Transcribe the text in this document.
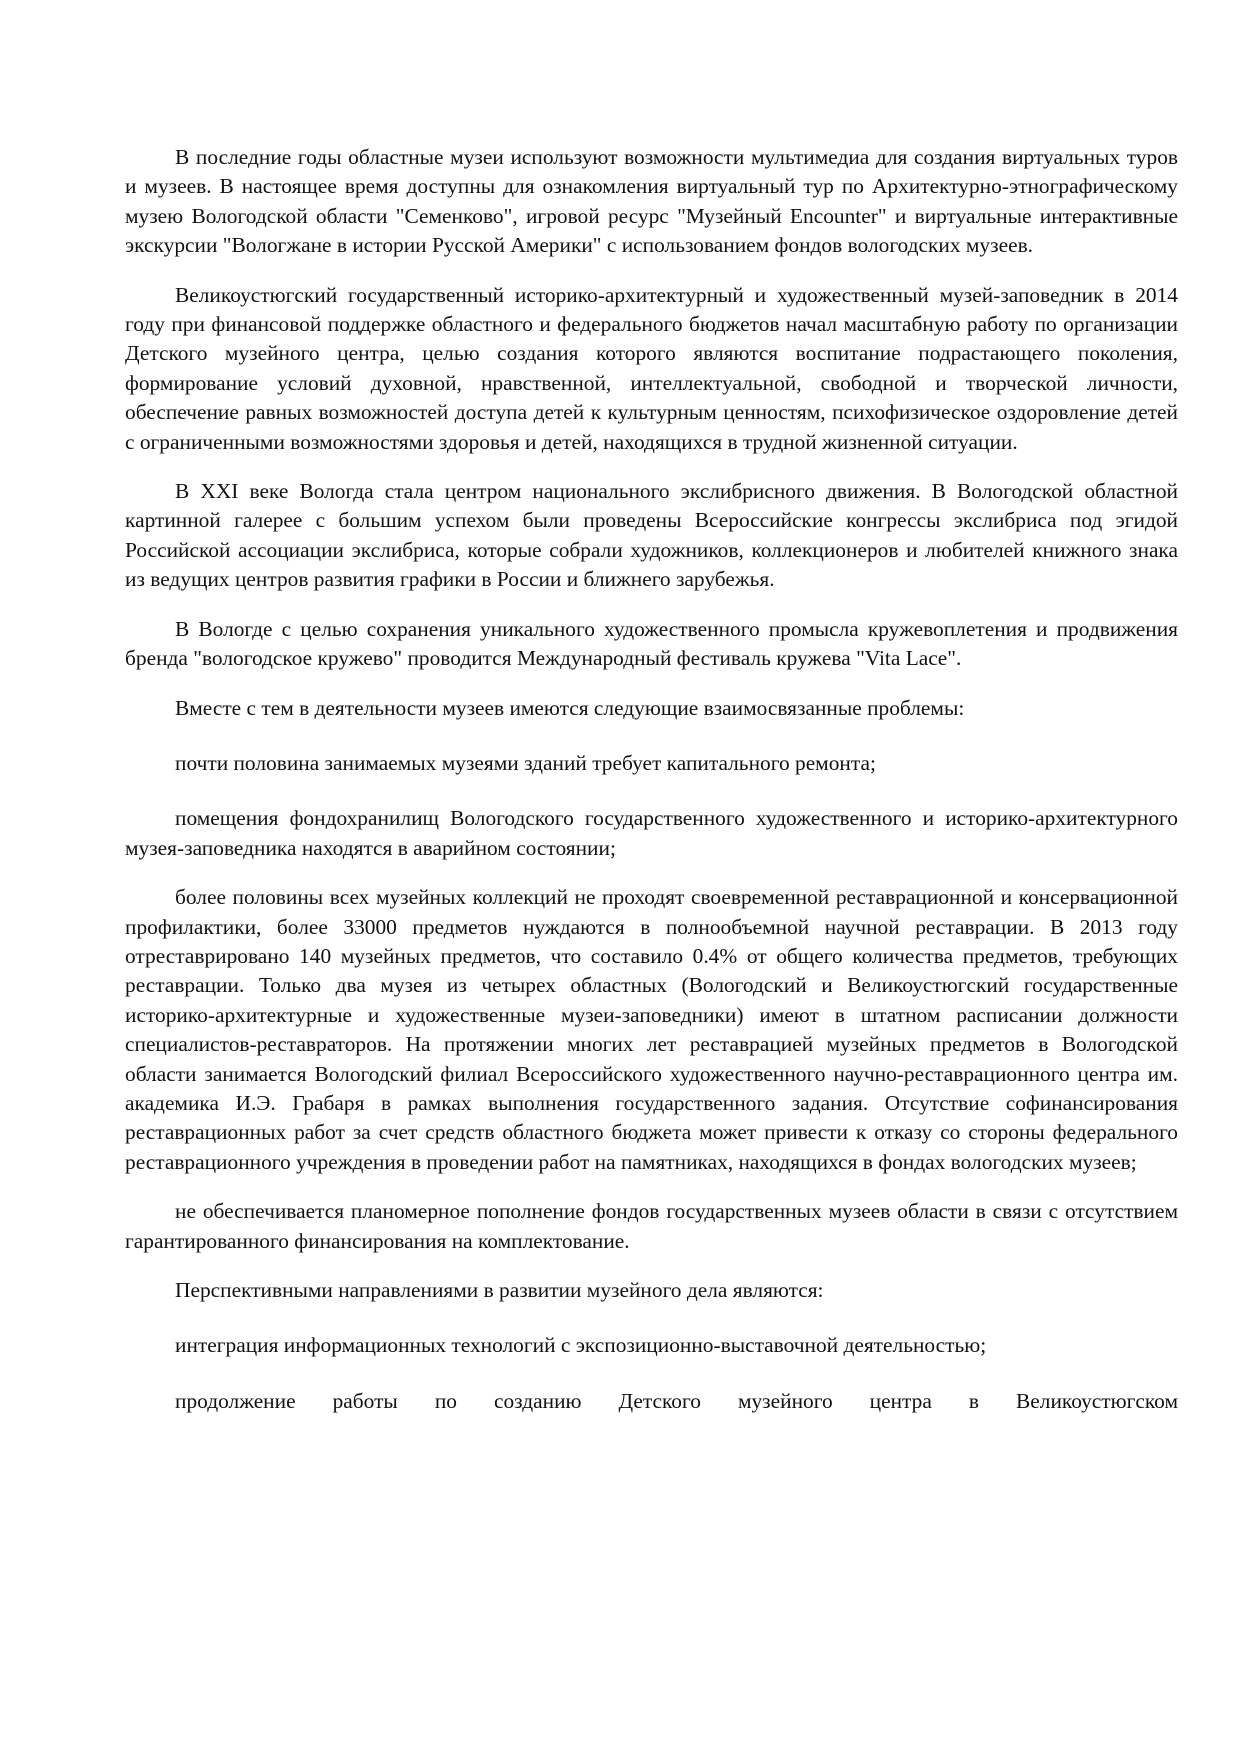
В последние годы областные музеи используют возможности мультимедиа для создания виртуальных туров и музеев. В настоящее время доступны для ознакомления виртуальный тур по Архитектурно-этнографическому музею Вологодской области "Семенково", игровой ресурс "Музейный Encounter" и виртуальные интерактивные экскурсии "Вологжане в истории Русской Америки" с использованием фондов вологодских музеев.

Великоустюгский государственный историко-архитектурный и художественный музей-заповедник в 2014 году при финансовой поддержке областного и федерального бюджетов начал масштабную работу по организации Детского музейного центра, целью создания которого являются воспитание подрастающего поколения, формирование условий духовной, нравственной, интеллектуальной, свободной и творческой личности, обеспечение равных возможностей доступа детей к культурным ценностям, психофизическое оздоровление детей с ограниченными возможностями здоровья и детей, находящихся в трудной жизненной ситуации.

В XXI веке Вологда стала центром национального экслибрисного движения. В Вологодской областной картинной галерее с большим успехом были проведены Всероссийские конгрессы экслибриса под эгидой Российской ассоциации экслибриса, которые собрали художников, коллекционеров и любителей книжного знака из ведущих центров развития графики в России и ближнего зарубежья.

В Вологде с целью сохранения уникального художественного промысла кружевоплетения и продвижения бренда "вологодское кружево" проводится Международный фестиваль кружева "Vita Lace".

Вместе с тем в деятельности музеев имеются следующие взаимосвязанные проблемы:

почти половина занимаемых музеями зданий требует капитального ремонта;

помещения фондохранилищ Вологодского государственного художественного и историко-архитектурного музея-заповедника находятся в аварийном состоянии;

более половины всех музейных коллекций не проходят своевременной реставрационной и консервационной профилактики, более 33000 предметов нуждаются в полнообъемной научной реставрации. В 2013 году отреставрировано 140 музейных предметов, что составило 0.4% от общего количества предметов, требующих реставрации. Только два музея из четырех областных (Вологодский и Великоустюгский государственные историко-архитектурные и художественные музеи-заповедники) имеют в штатном расписании должности специалистов-реставраторов. На протяжении многих лет реставрацией музейных предметов в Вологодской области занимается Вологодский филиал Всероссийского художественного научно-реставрационного центра им. академика И.Э. Грабаря в рамках выполнения государственного задания. Отсутствие софинансирования реставрационных работ за счет средств областного бюджета может привести к отказу со стороны федерального реставрационного учреждения в проведении работ на памятниках, находящихся в фондах вологодских музеев;

не обеспечивается планомерное пополнение фондов государственных музеев области в связи с отсутствием гарантированного финансирования на комплектование.

Перспективными направлениями в развитии музейного дела являются:

интеграция информационных технологий с экспозиционно-выставочной деятельностью;

продолжение работы по созданию Детского музейного центра в Великоустюгском
